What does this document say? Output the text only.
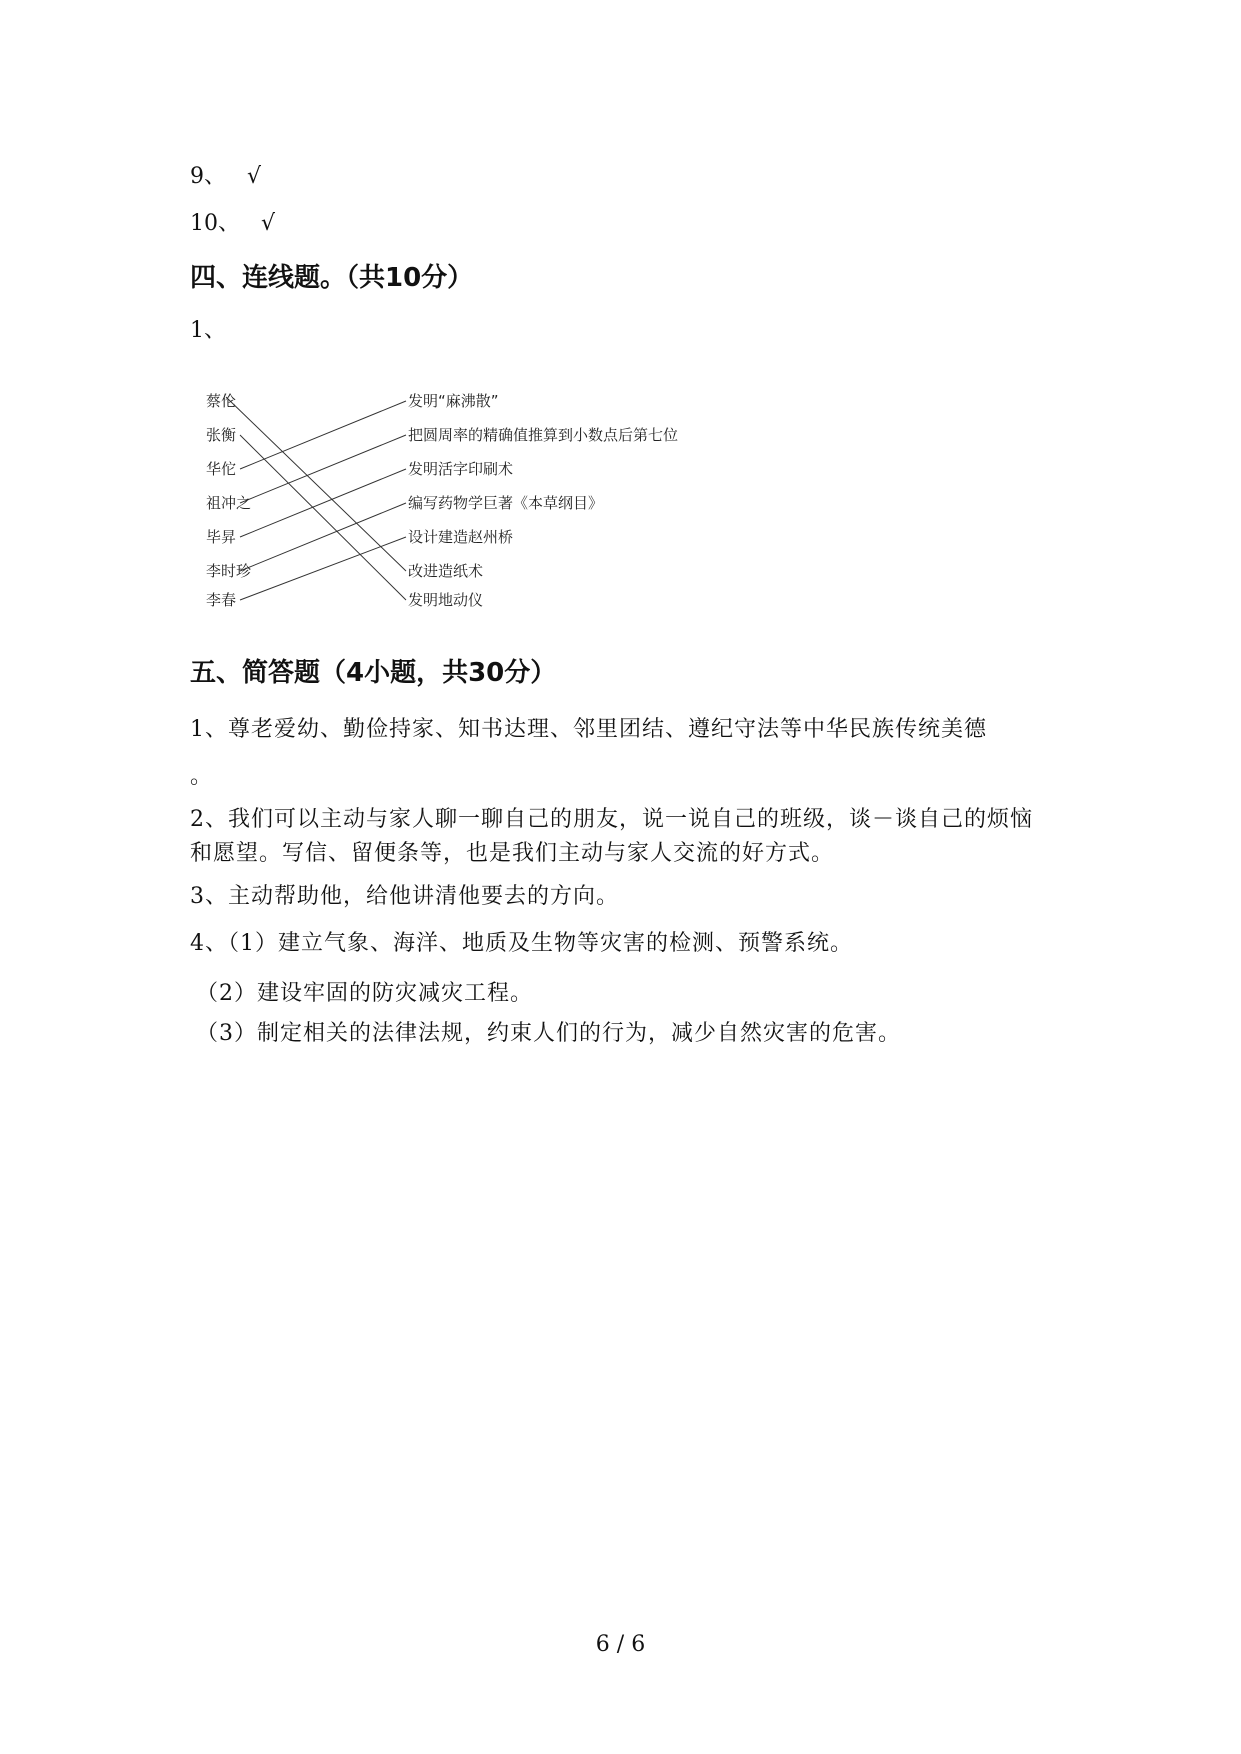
9、 √
10、 √
四、连线题。（共10分）
1、
蔡伦
张衡
华佗
祖冲之
毕昇
李时珍
李春
发明“麻沸散”
把圆周率的精确值推算到小数点后第七位
发明活字印刷术
编写药物学巨著《本草纲目》
设计建造赵州桥
改进造纸术
发明地动仪
五、简答题（4小题，共30分）
1、尊老爱幼、勤俭持家、知书达理、邻里团结、遵纪守法等中华民族传统美德
。
2、我们可以主动与家人聊一聊自己的朋友，说一说自己的班级，谈－谈自己的烦恼和愿望。写信、留便条等，也是我们主动与家人交流的好方式。
3、主动帮助他，给他讲清他要去的方向。
4、（1）建立气象、海洋、地质及生物等灾害的检测、预警系统。
（2）建设牢固的防灾减灾工程。
（3）制定相关的法律法规，约束人们的行为，减少自然灾害的危害。
6 / 6
